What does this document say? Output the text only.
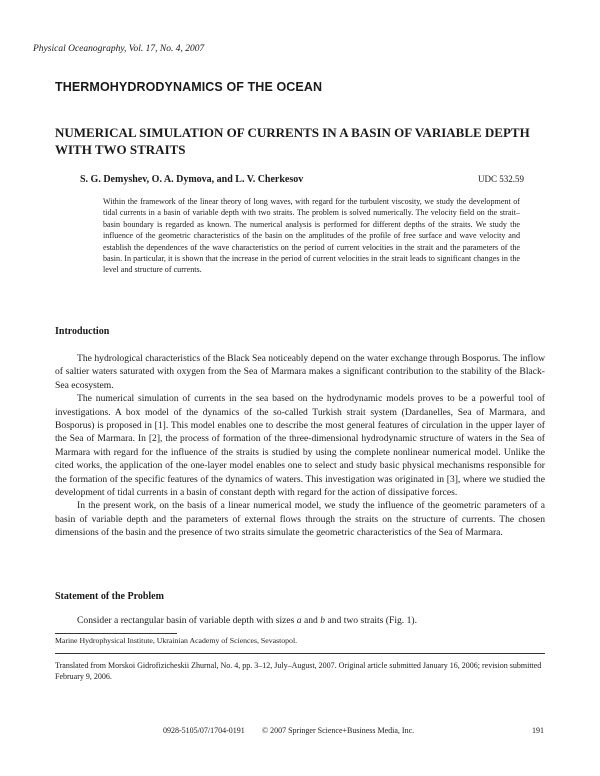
Physical Oceanography, Vol. 17, No. 4, 2007
THERMOHYDRODYNAMICS OF THE OCEAN
NUMERICAL SIMULATION OF CURRENTS IN A BASIN OF VARIABLE DEPTH WITH TWO STRAITS
S. G. Demyshev, O. A. Dymova, and L. V. Cherkesov	UDC 532.59
Within the framework of the linear theory of long waves, with regard for the turbulent viscosity, we study the development of tidal currents in a basin of variable depth with two straits. The problem is solved numerically. The velocity field on the strait–basin boundary is regarded as known. The numerical analysis is performed for different depths of the straits. We study the influence of the geometric characteristics of the basin on the amplitudes of the profile of free surface and wave velocity and establish the dependences of the wave characteristics on the period of current velocities in the strait and the parameters of the basin. In particular, it is shown that the increase in the period of current velocities in the strait leads to significant changes in the level and structure of currents.
Introduction

The hydrological characteristics of the Black Sea noticeably depend on the water exchange through Bosporus. The inflow of saltier waters saturated with oxygen from the Sea of Marmara makes a significant contribution to the stability of the Black-Sea ecosystem.

The numerical simulation of currents in the sea based on the hydrodynamic models proves to be a powerful tool of investigations. A box model of the dynamics of the so-called Turkish strait system (Dardanelles, Sea of Marmara, and Bosporus) is proposed in [1]. This model enables one to describe the most general features of circulation in the upper layer of the Sea of Marmara. In [2], the process of formation of the three-dimensional hydrodynamic structure of waters in the Sea of Marmara with regard for the influence of the straits is studied by using the complete nonlinear numerical model. Unlike the cited works, the application of the one-layer model enables one to select and study basic physical mechanisms responsible for the formation of the specific features of the dynamics of waters. This investigation was originated in [3], where we studied the development of tidal currents in a basin of constant depth with regard for the action of dissipative forces.

In the present work, on the basis of a linear numerical model, we study the influence of the geometric parameters of a basin of variable depth and the parameters of external flows through the straits on the structure of currents. The chosen dimensions of the basin and the presence of two straits simulate the geometric characteristics of the Sea of Marmara.

Statement of the Problem

Consider a rectangular basin of variable depth with sizes a and b and two straits (Fig. 1).

Marine Hydrophysical Institute, Ukrainian Academy of Sciences, Sevastopol.
Translated from Morskoi Gidrofizicheskii Zhurnal, No. 4, pp. 3–12, July–August, 2007. Original article submitted January 16, 2006; revision submitted February 9, 2006.
0928-5105/07/1704-0191 © 2007 Springer Science+Business Media, Inc.	191
